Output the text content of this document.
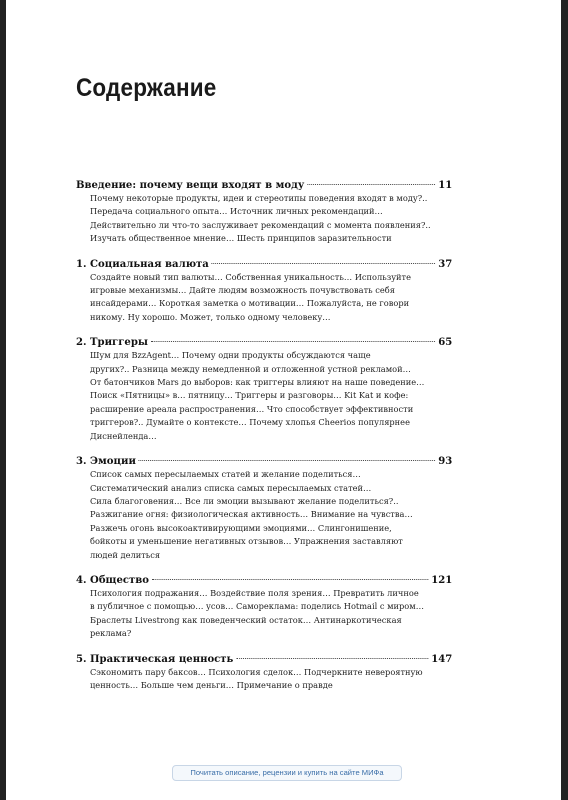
Содержание
Введение: почему вещи входят в моду	11
Почему некоторые продукты, идеи и стереотипы поведения входят в моду?..
Передача социального опыта… Источник личных рекомендаций…
Действительно ли что-то заслуживает рекомендаций с момента появления?..
Изучать общественное мнение… Шесть принципов заразительности
1. Социальная валюта	37
Создайте новый тип валюты… Собственная уникальность… Используйте
игровые механизмы… Дайте людям возможность почувствовать себя
инсайдерами… Короткая заметка о мотивации… Пожалуйста, не говори
никому. Ну хорошо. Может, только одному человеку…
2. Триггеры	65
Шум для BzzAgent… Почему одни продукты обсуждаются чаще
других?.. Разница между немедленной и отложенной устной рекламой…
От батончиков Mars до выборов: как триггеры влияют на наше поведение…
Поиск «Пятницы» в… пятницу… Триггеры и разговоры… Kit Kat и кофе:
расширение ареала распространения… Что способствует эффективности
триггеров?.. Думайте о контексте… Почему хлопья Cheerios популярнее
Диснейленда…
3. Эмоции	93
Список самых пересылаемых статей и желание поделиться…
Систематический анализ списка самых пересылаемых статей…
Сила благоговения… Все ли эмоции вызывают желание поделиться?..
Разжигание огня: физиологическая активность… Внимание на чувства…
Разжечь огонь высокоактивирующими эмоциями… Слингонишение,
бойкоты и уменьшение негативных отзывов… Упражнения заставляют
людей делиться
4. Общество	121
Психология подражания… Воздействие поля зрения… Превратить личное
в публичное с помощью… усов… Самореклама: поделись Hotmail с миром…
Браслеты Livestrong как поведенческий остаток… Антинаркотическая
реклама?
5. Практическая ценность	147
Сэкономить пару баксов… Психология сделок… Подчеркните невероятную
ценность… Больше чем деньги… Примечание о правде
Почитать описание, рецензии и купить на сайте МИФа
